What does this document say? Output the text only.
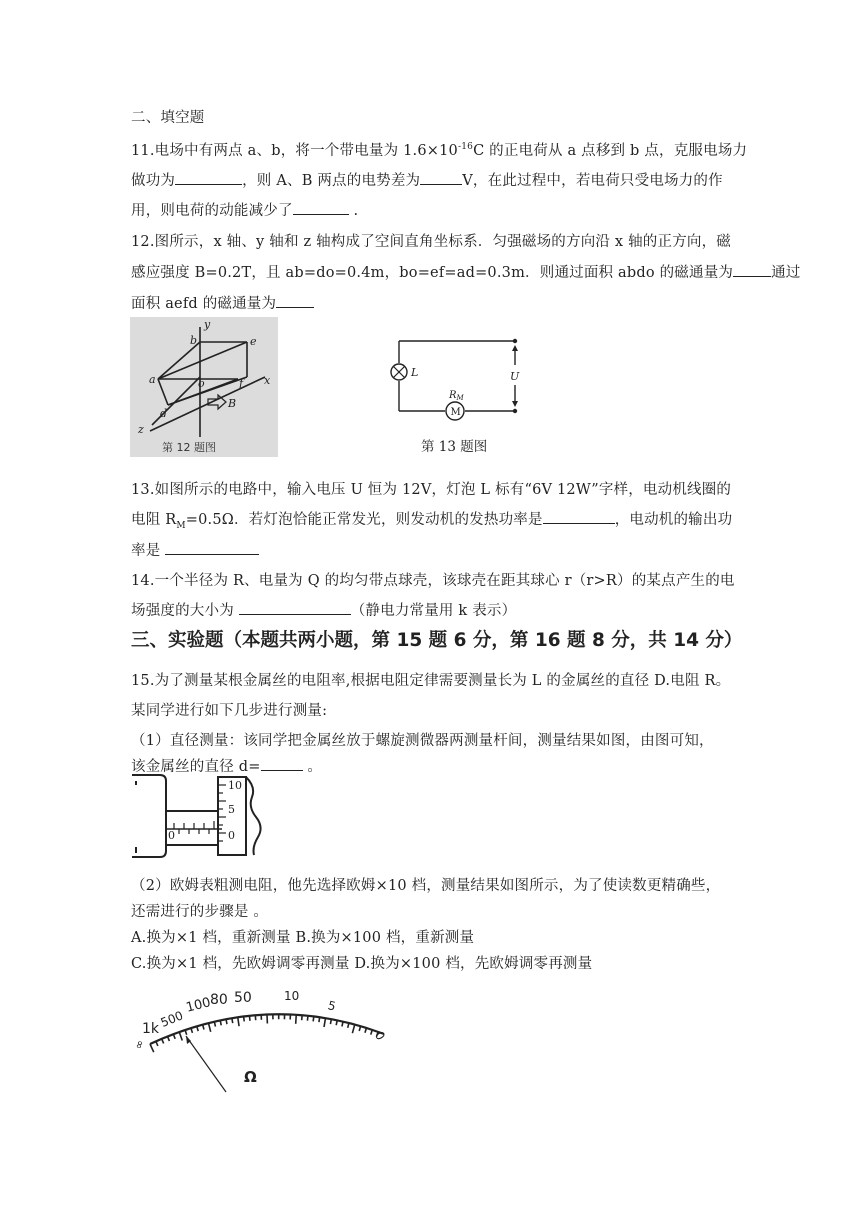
二、填空题
11.电场中有两点 a、b，将一个带电量为 $1.6\times 10^{-16}C$ 的正电荷从 a 点移到 b 点，克服电场力
做功为	，则 A、B 两点的电势差为	V，在此过程中，若电荷只受电场力的作
用，则电荷的动能减少了	.
12.图所示，x 轴、y 轴和 z 轴构成了空间直角坐标系．匀强磁场的方向沿 x 轴的正方向，磁
感应强度 B=0.2T，且 ab=do=0.4m，bo=ef=ad=0.3m．则通过面积 abdo 的磁通量为	通过
面积 aefd 的磁通量为
y
b	e
a	o	f x
d
B
z
第 12 题图
L
M
$R_M$
U
第 13 题图
13.如图所示的电路中，输入电压 U 恒为 12V，灯泡 L 标有“6V 12W”字样，电动机线圈的
电阻 $R_M=0.5\Omega$．若灯泡恰能正常发光，则发动机的发热功率是	，电动机的输出功
率是
14.一个半径为 R、电量为 Q 的均匀带点球壳，该球壳在距其球心 r（r>R）的某点产生的电
场强度的大小为	（静电力常量用 k 表示）
三、实验题（本题共两小题，第 15 题 6 分，第 16 题 8 分，共 14 分）
15.为了测量某根金属丝的电阻率,根据电阻定律需要测量长为 L 的金属丝的直径 D.电阻 R。
某同学进行如下几步进行测量:
（1）直径测量：该同学把金属丝放于螺旋测微器两测量杆间，测量结果如图，由图可知，
该金属丝的直径 d=	。
10
5
0
0
（2）欧姆表粗测电阻，他先选择欧姆×10 档，测量结果如图所示，为了使读数更精确些，
还需进行的步骤是 。
A.换为×1 档，重新测量 B.换为×100 档，重新测量
C.换为×1 档，先欧姆调零再测量 D.换为×100 档，先欧姆调零再测量
∞
1k 500
100
80 50	10
5
0
Ω
